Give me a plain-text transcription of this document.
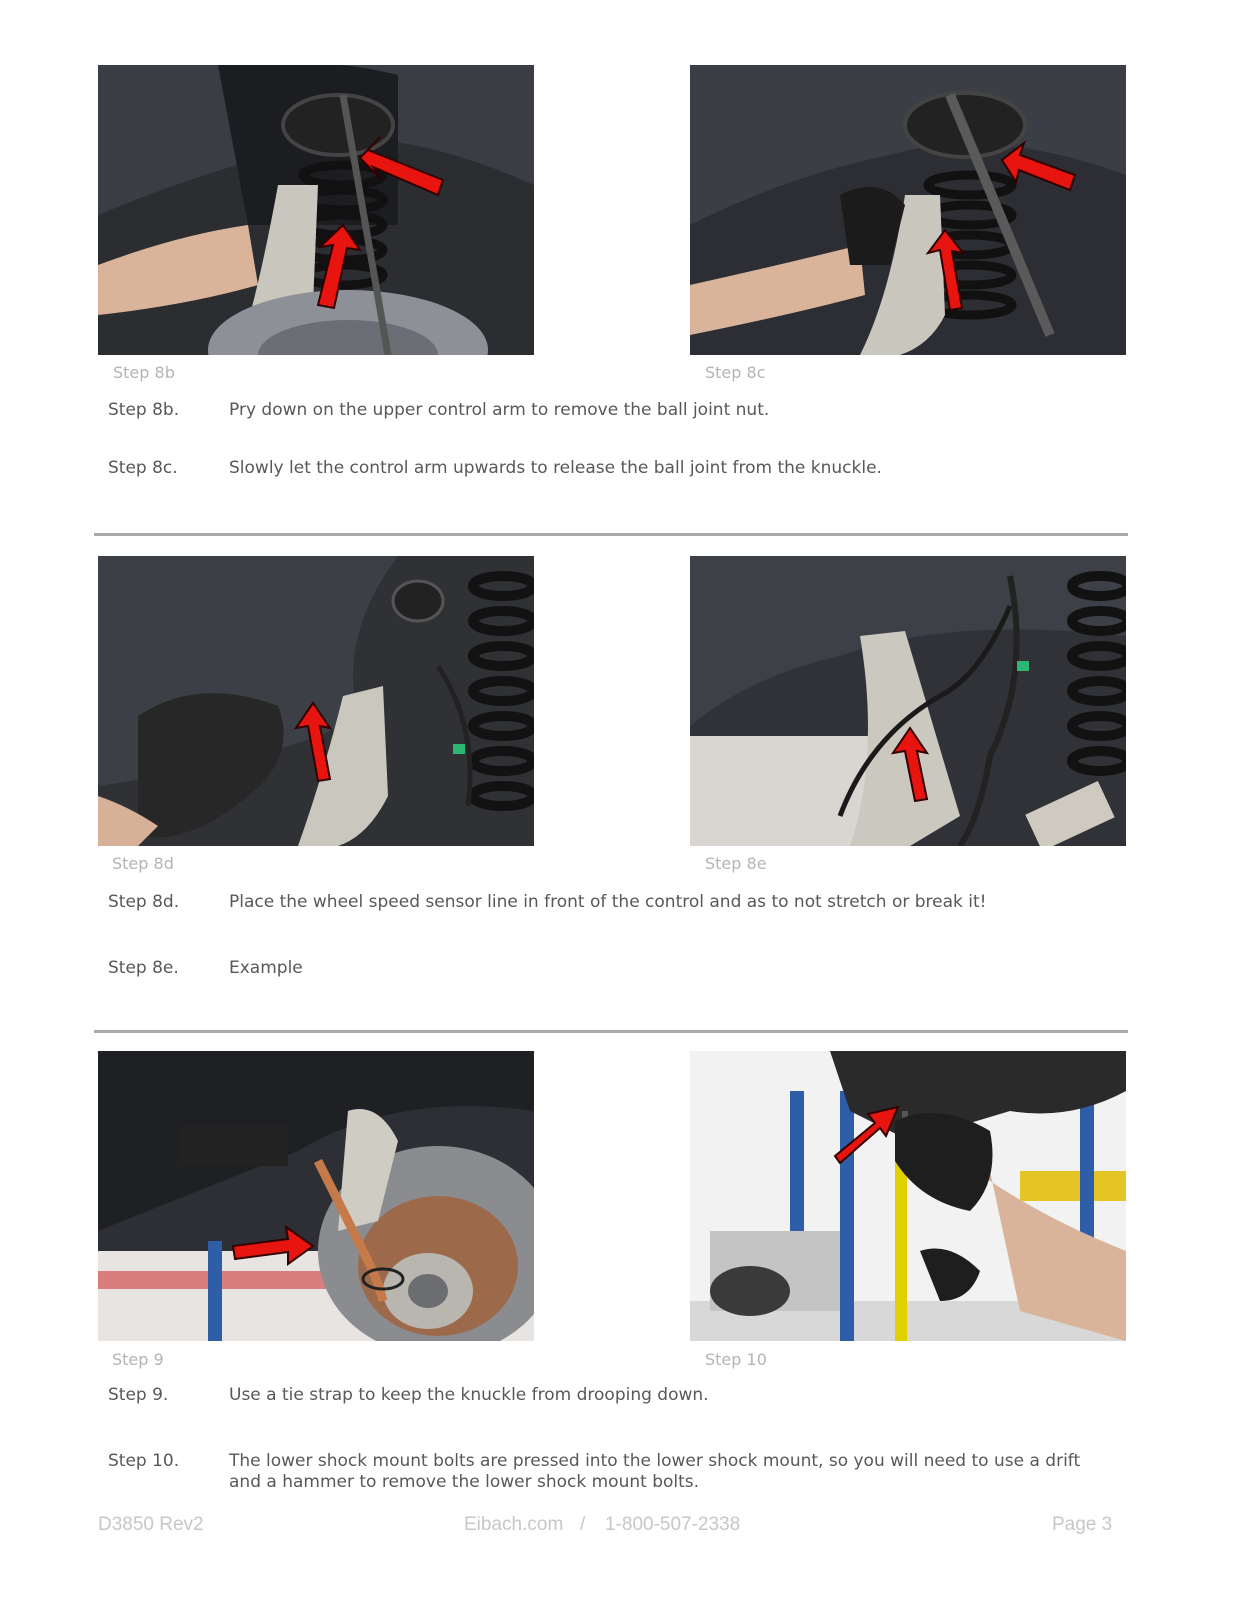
Step 8b	Step 8c
Step 8b.	Pry down on the upper control arm to remove the ball joint nut.
Step 8c.	Slowly let the control arm upwards to release the ball joint from the knuckle.
Step 8d	Step 8e
Step 8d.	Place the wheel speed sensor line in front of the control and as to not stretch or break it!
Step 8e.	Example
Step 9	Step 10
Step 9.	Use a tie strap to keep the knuckle from drooping down.
Step 10.	The lower shock mount bolts are pressed into the lower shock mount, so you will need to use a drift and a hammer to remove the lower shock mount bolts.
D3850 Rev2	Eibach.com / 1-800-507-2338	Page 3
